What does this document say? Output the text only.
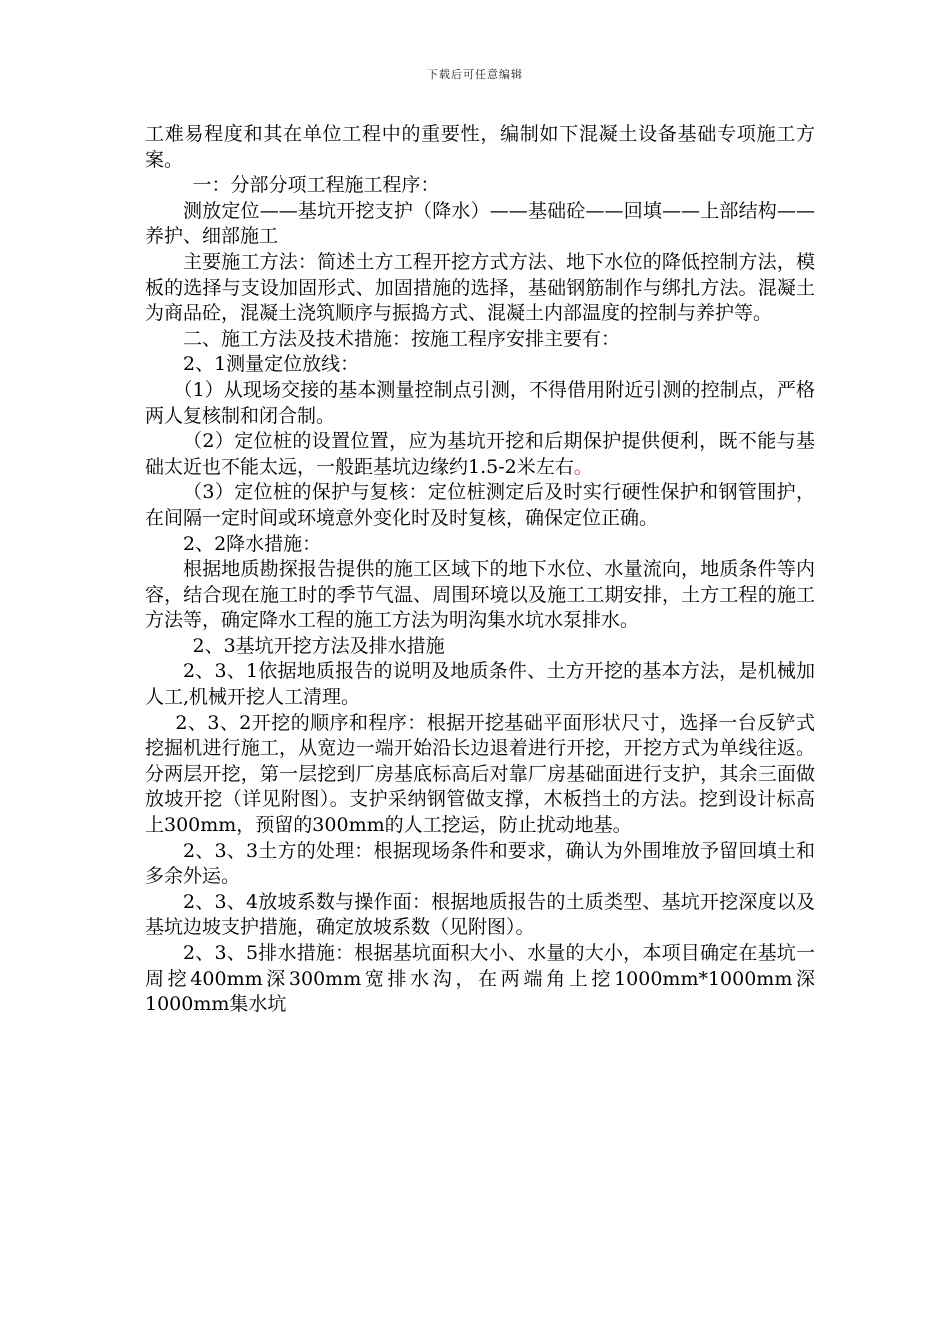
下载后可任意编辑

工难易程度和其在单位工程中的重要性，编制如下混凝土设备基础专项施工方案。

一：分部分项工程施工程序：

测放定位——基坑开挖支护（降水）——基础砼——回填——上部结构——养护、细部施工

主要施工方法：简述土方工程开挖方式方法、地下水位的降低控制方法，模板的选择与支设加固形式、加固措施的选择，基础钢筋制作与绑扎方法。混凝土为商品砼，混凝土浇筑顺序与振捣方式、混凝土内部温度的控制与养护等。

二、施工方法及技术措施：按施工程序安排主要有：

2、1测量定位放线：

（1）从现场交接的基本测量控制点引测，不得借用附近引测的控制点，严格两人复核制和闭合制。

（2）定位桩的设置位置，应为基坑开挖和后期保护提供便利，既不能与基础太近也不能太远，一般距基坑边缘约1.5-2米左右。

（3）定位桩的保护与复核：定位桩测定后及时实行硬性保护和钢管围护，在间隔一定时间或环境意外变化时及时复核，确保定位正确。

2、2降水措施：

根据地质勘探报告提供的施工区域下的地下水位、水量流向，地质条件等内容，结合现在施工时的季节气温、周围环境以及施工工期安排，土方工程的施工方法等，确定降水工程的施工方法为明沟集水坑水泵排水。

2、3基坑开挖方法及排水措施

2、3、1依据地质报告的说明及地质条件、土方开挖的基本方法，是机械加人工,机械开挖人工清理。

2、3、2开挖的顺序和程序：根据开挖基础平面形状尺寸，选择一台反铲式挖掘机进行施工，从宽边一端开始沿长边退着进行开挖，开挖方式为单线往返。分两层开挖，第一层挖到厂房基底标高后对靠厂房基础面进行支护，其余三面做放坡开挖（详见附图）。支护采纳钢管做支撑，木板挡土的方法。挖到设计标高上300mm，预留的300mm的人工挖运，防止扰动地基。

2、3、3土方的处理：根据现场条件和要求，确认为外围堆放予留回填土和多余外运。

2、3、4放坡系数与操作面：根据地质报告的土质类型、基坑开挖深度以及基坑边坡支护措施，确定放坡系数（见附图）。

2、3、5排水措施：根据基坑面积大小、水量的大小，本项目确定在基坑一周挖400mm深300mm宽排水沟，在两端角上挖1000mm*1000mm深1000mm集水坑
